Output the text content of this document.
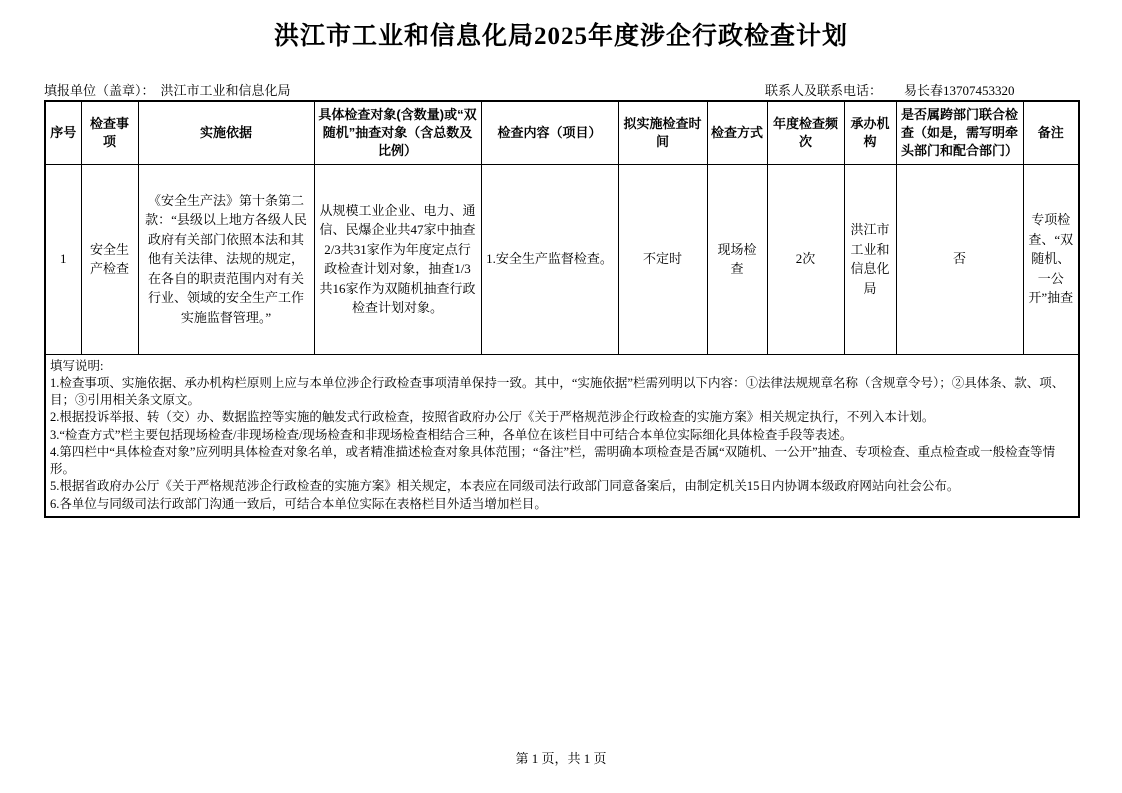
洪江市工业和信息化局2025年度涉企行政检查计划
填报单位（盖章）： 洪江市工业和信息化局	联系人及联系电话： 易长春13707453320
序号	检查事项	实施依据	具体检查对象(含数量)或“双随机”抽查对象（含总数及比例）	检查内容（项目）	拟实施检查时间	检查方式	年度检查频次	承办机构	是否属跨部门联合检查（如是，需写明牵头部门和配合部门）	备注
1	安全生产检查	《安全生产法》第十条第二款：“县级以上地方各级人民政府有关部门依照本法和其他有关法律、法规的规定，在各自的职责范围内对有关行业、领域的安全生产工作实施监督管理。”	从规模工业企业、电力、通信、民爆企业共47家中抽查2/3共31家作为年度定点行政检查计划对象，抽查1/3共16家作为双随机抽查行政检查计划对象。	1.安全生产监督检查。	不定时	现场检查	2次	洪江市工业和信息化局	否	专项检查、“双随机、一公开”抽查

填写说明:
1.检查事项、实施依据、承办机构栏原则上应与本单位涉企行政检查事项清单保持一致。其中，“实施依据”栏需列明以下内容：①法律法规规章名称（含规章令号）；②具体条、款、项、目；③引用相关条文原文。
2.根据投诉举报、转（交）办、数据监控等实施的触发式行政检查，按照省政府办公厅《关于严格规范涉企行政检查的实施方案》相关规定执行，不列入本计划。
3.“检查方式”栏主要包括现场检查/非现场检查/现场检查和非现场检查相结合三种，各单位在该栏目中可结合本单位实际细化具体检查手段等表述。
4.第四栏中“具体检查对象”应列明具体检查对象名单，或者精准描述检查对象具体范围；“备注”栏，需明确本项检查是否属“双随机、一公开”抽查、专项检查、重点检查或一般检查等情形。
5.根据省政府办公厅《关于严格规范涉企行政检查的实施方案》相关规定，本表应在同级司法行政部门同意备案后，由制定机关15日内协调本级政府网站向社会公布。
6.各单位与同级司法行政部门沟通一致后，可结合本单位实际在表格栏目外适当增加栏目。
第 1 页，共 1 页
